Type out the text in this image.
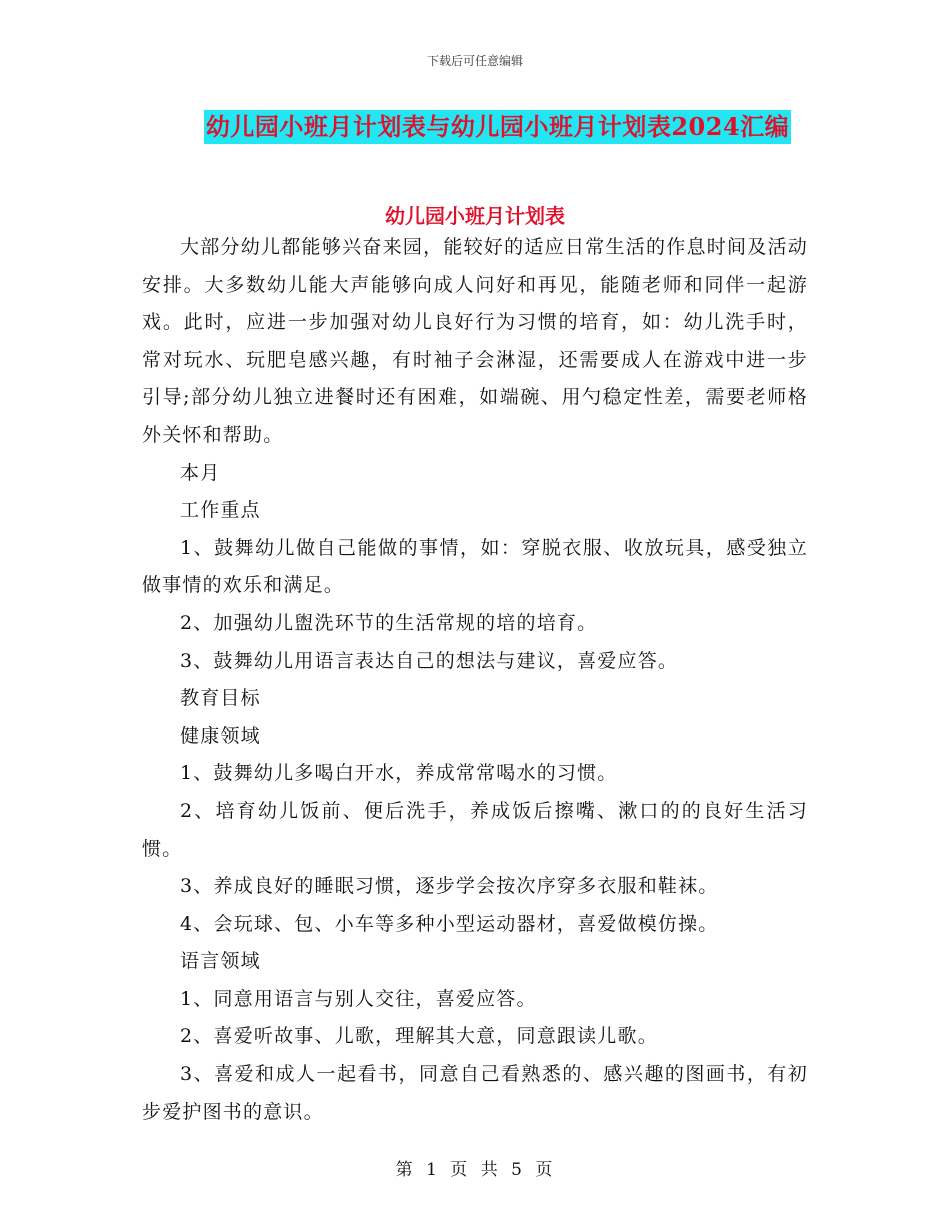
下载后可任意编辑
幼儿园小班月计划表与幼儿园小班月计划表2024汇编
幼儿园小班月计划表

大部分幼儿都能够兴奋来园，能较好的适应日常生活的作息时间及活动安排。大多数幼儿能大声能够向成人问好和再见，能随老师和同伴一起游戏。此时，应进一步加强对幼儿良好行为习惯的培育，如：幼儿洗手时，常对玩水、玩肥皂感兴趣，有时袖子会淋湿，还需要成人在游戏中进一步引导;部分幼儿独立进餐时还有困难，如端碗、用勺稳定性差，需要老师格外关怀和帮助。

本月

工作重点

1、鼓舞幼儿做自己能做的事情，如：穿脱衣服、收放玩具，感受独立做事情的欢乐和满足。

2、加强幼儿盥洗环节的生活常规的培的培育。

3、鼓舞幼儿用语言表达自己的想法与建议，喜爱应答。

教育目标

健康领域

1、鼓舞幼儿多喝白开水，养成常常喝水的习惯。

2、培育幼儿饭前、便后洗手，养成饭后擦嘴、漱口的的良好生活习惯。

3、养成良好的睡眠习惯，逐步学会按次序穿多衣服和鞋袜。

4、会玩球、包、小车等多种小型运动器材，喜爱做模仿操。

语言领域

1、同意用语言与别人交往，喜爱应答。

2、喜爱听故事、儿歌，理解其大意，同意跟读儿歌。

3、喜爱和成人一起看书，同意自己看熟悉的、感兴趣的图画书，有初步爱护图书的意识。

第 1 页 共 5 页
